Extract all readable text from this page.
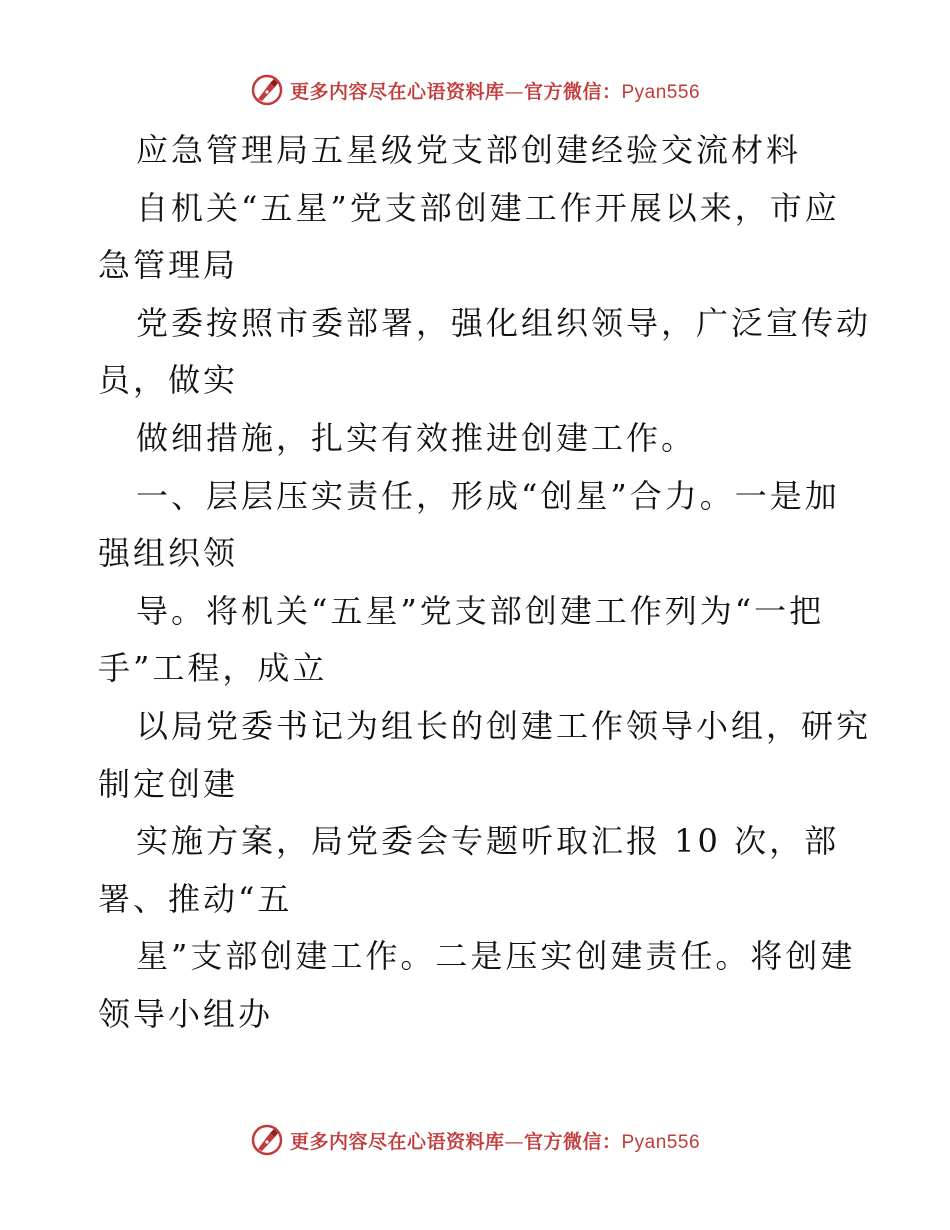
更多内容尽在心语资料库—官方微信：Pyan556
应急管理局五星级党支部创建经验交流材料
自机关“五星”党支部创建工作开展以来，市应
急管理局
党委按照市委部署，强化组织领导，广泛宣传动
员，做实
做细措施，扎实有效推进创建工作。
一、层层压实责任，形成“创星”合力。一是加
强组织领
导。将机关“五星”党支部创建工作列为“一把
手”工程，成立
以局党委书记为组长的创建工作领导小组，研究
制定创建
实施方案，局党委会专题听取汇报 10 次，部
署、推动“五
星”支部创建工作。二是压实创建责任。将创建
领导小组办
更多内容尽在心语资料库—官方微信：Pyan556
